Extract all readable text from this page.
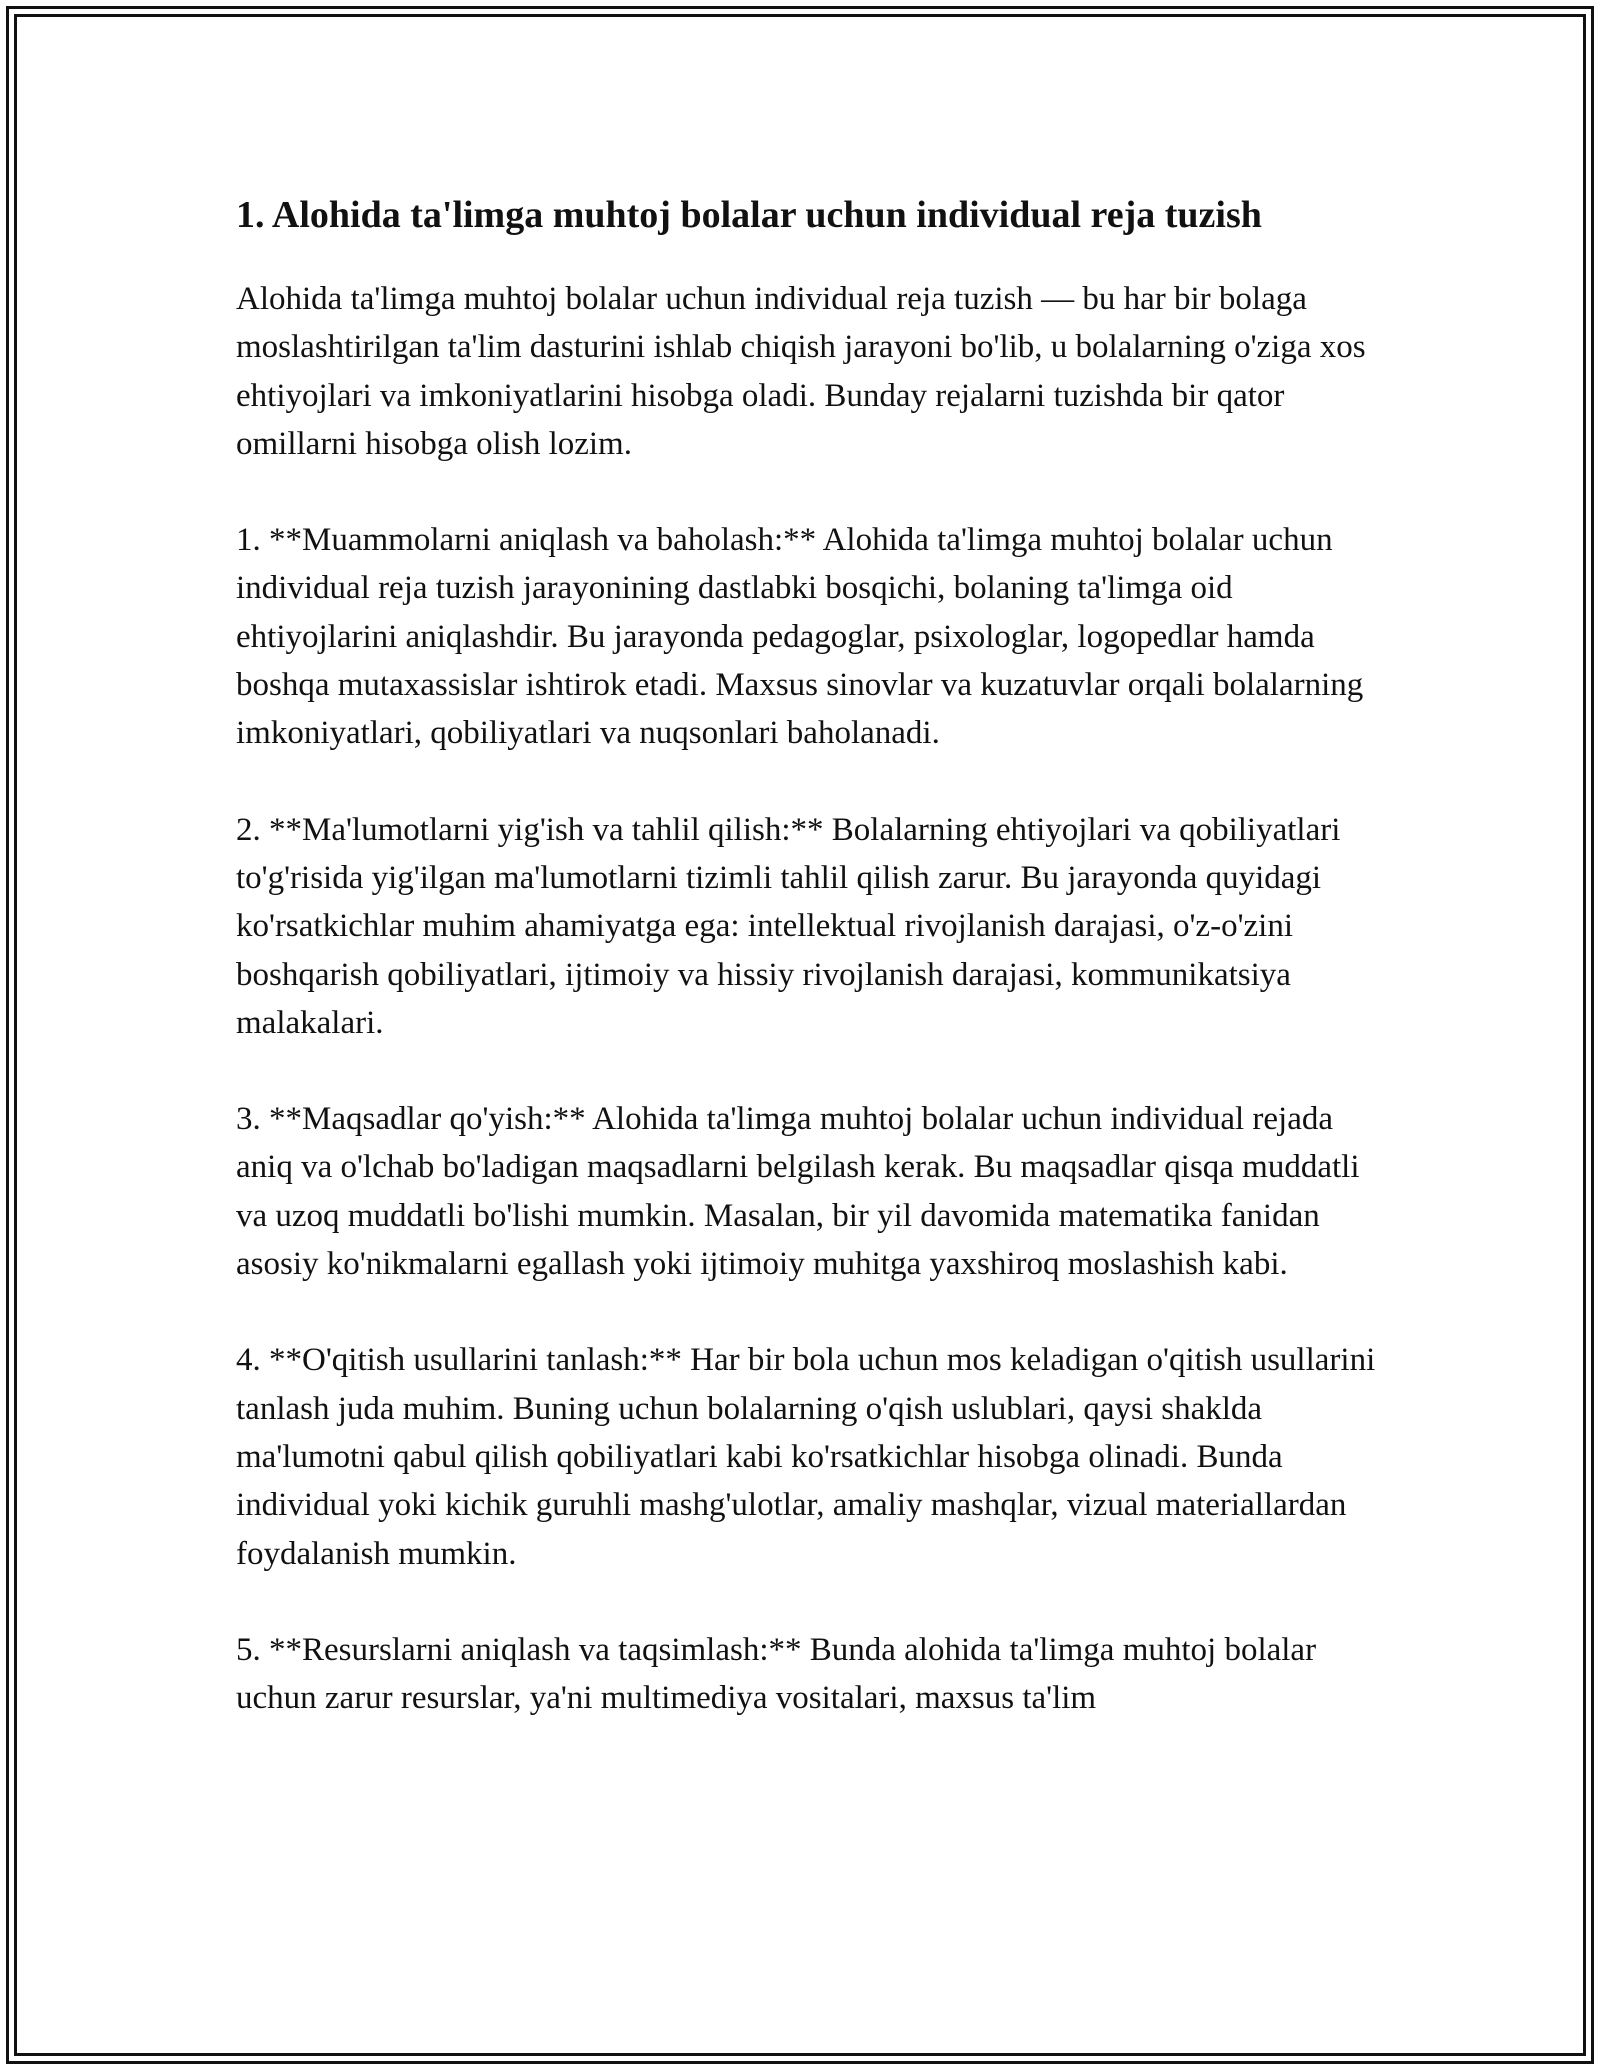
1. Alohida ta'limga muhtoj bolalar uchun individual reja tuzish

Alohida ta'limga muhtoj bolalar uchun individual reja tuzish — bu har bir bolaga moslashtirilgan ta'lim dasturini ishlab chiqish jarayoni bo'lib, u bolalarning o'ziga xos ehtiyojlari va imkoniyatlarini hisobga oladi. Bunday rejalarni tuzishda bir qator omillarni hisobga olish lozim.

1. **Muammolarni aniqlash va baholash:** Alohida ta'limga muhtoj bolalar uchun individual reja tuzish jarayonining dastlabki bosqichi, bolaning ta'limga oid ehtiyojlarini aniqlashdir. Bu jarayonda pedagoglar, psixologlar, logopedlar hamda boshqa mutaxassislar ishtirok etadi. Maxsus sinovlar va kuzatuvlar orqali bolalarning imkoniyatlari, qobiliyatlari va nuqsonlari baholanadi.

2. **Ma'lumotlarni yig'ish va tahlil qilish:** Bolalarning ehtiyojlari va qobiliyatlari to'g'risida yig'ilgan ma'lumotlarni tizimli tahlil qilish zarur. Bu jarayonda quyidagi ko'rsatkichlar muhim ahamiyatga ega: intellektual rivojlanish darajasi, o'z-o'zini boshqarish qobiliyatlari, ijtimoiy va hissiy rivojlanish darajasi, kommunikatsiya malakalari.

3. **Maqsadlar qo'yish:** Alohida ta'limga muhtoj bolalar uchun individual rejada aniq va o'lchab bo'ladigan maqsadlarni belgilash kerak. Bu maqsadlar qisqa muddatli va uzoq muddatli bo'lishi mumkin. Masalan, bir yil davomida matematika fanidan asosiy ko'nikmalarni egallash yoki ijtimoiy muhitga yaxshiroq moslashish kabi.

4. **O'qitish usullarini tanlash:** Har bir bola uchun mos keladigan o'qitish usullarini tanlash juda muhim. Buning uchun bolalarning o'qish uslublari, qaysi shaklda ma'lumotni qabul qilish qobiliyatlari kabi ko'rsatkichlar hisobga olinadi. Bunda individual yoki kichik guruhli mashg'ulotlar, amaliy mashqlar, vizual materiallardan foydalanish mumkin.

5. **Resurslarni aniqlash va taqsimlash:** Bunda alohida ta'limga muhtoj bolalar uchun zarur resurslar, ya'ni multimediya vositalari, maxsus ta'lim
